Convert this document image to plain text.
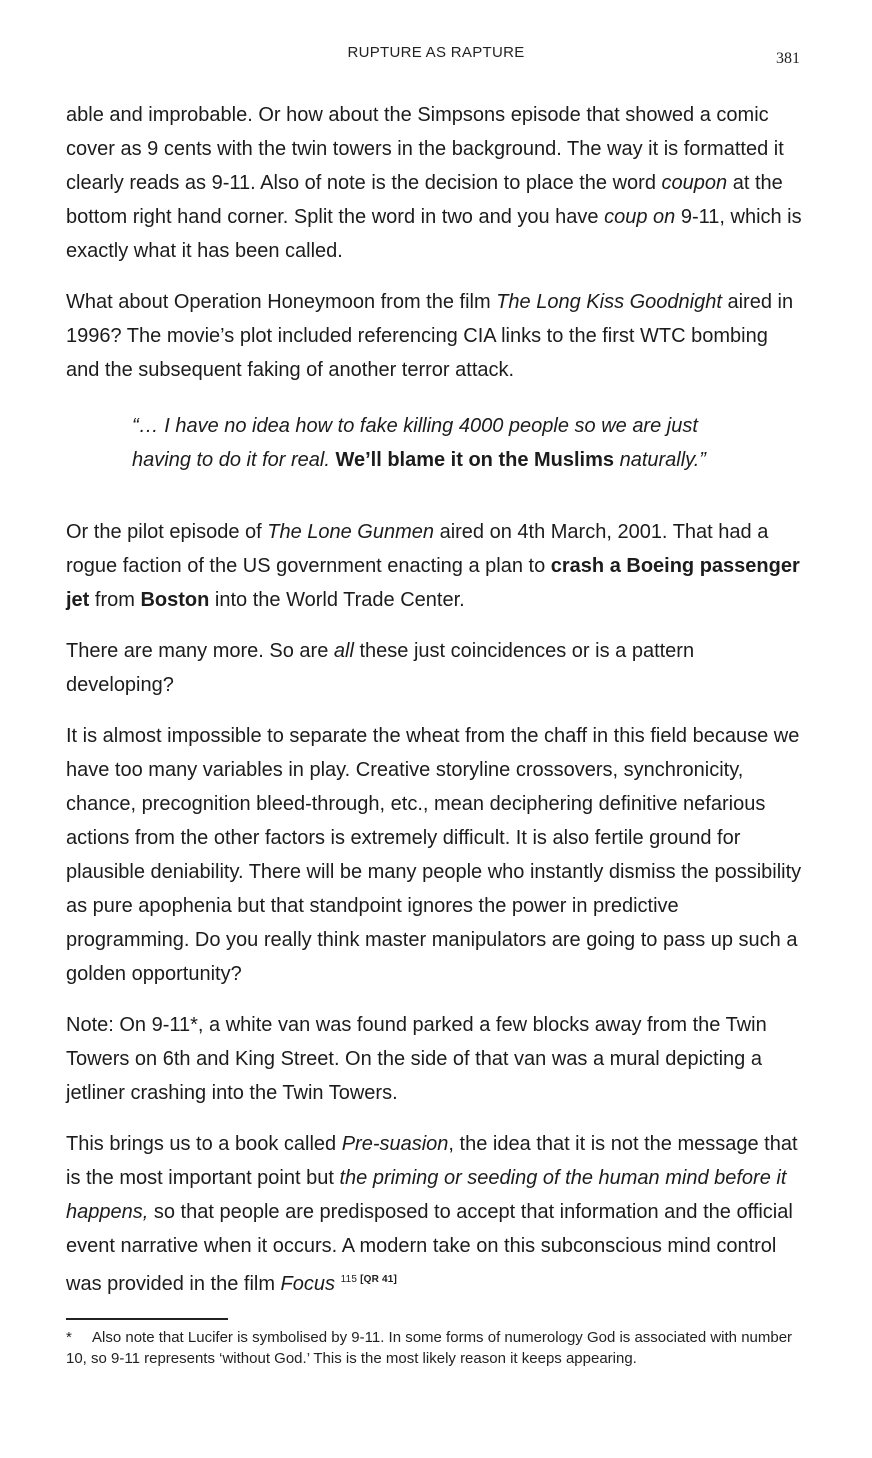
RUPTURE AS RAPTURE	381

able and improbable. Or how about the Simpsons episode that showed a comic cover as 9 cents with the twin towers in the background. The way it is formatted it clearly reads as 9-11. Also of note is the decision to place the word coupon at the bottom right hand corner. Split the word in two and you have coup on 9-11, which is exactly what it has been called.

What about Operation Honeymoon from the film The Long Kiss Goodnight aired in 1996? The movie’s plot included referencing CIA links to the first WTC bombing and the subsequent faking of another terror attack.

“… I have no idea how to fake killing 4000 people so we are just having to do it for real. We’ll blame it on the Muslims naturally.”

Or the pilot episode of The Lone Gunmen aired on 4th March, 2001. That had a rogue faction of the US government enacting a plan to crash a Boeing passenger jet from Boston into the World Trade Center.

There are many more. So are all these just coincidences or is a pattern developing?

It is almost impossible to separate the wheat from the chaff in this field because we have too many variables in play. Creative storyline crossovers, synchronicity, chance, precognition bleed-through, etc., mean deciphering definitive nefarious actions from the other factors is extremely difficult. It is also fertile ground for plausible deniability. There will be many people who instantly dismiss the possibility as pure apophenia but that standpoint ignores the power in predictive programming. Do you really think master manipulators are going to pass up such a golden opportunity?

Note: On 9-11*, a white van was found parked a few blocks away from the Twin Towers on 6th and King Street. On the side of that van was a mural depicting a jetliner crashing into the Twin Towers.

This brings us to a book called Pre-suasion, the idea that it is not the message that is the most important point but the priming or seeding of the human mind before it happens, so that people are predisposed to accept that information and the official event narrative when it occurs. A modern take on this subconscious mind control was provided in the film Focus $^{115 [QR 41]}$

* Also note that Lucifer is symbolised by 9-11. In some forms of numerology God is associated with number 10, so 9-11 represents ‘without God.’ This is the most likely reason it keeps appearing.
